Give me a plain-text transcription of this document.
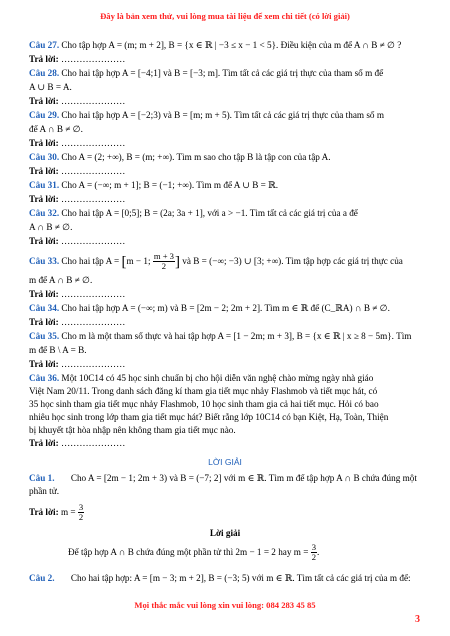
Đây là bản xem thử, vui lòng mua tài liệu để xem chi tiết (có lời giải)
Câu 27. Cho tập hợp A = (m; m + 2], B = {x ∈ ℝ | −3 ≤ x − 1 < 5}. Điều kiện của m để A ∩ B ≠ ∅ ?
Trả lời: …………………
Câu 28. Cho hai tập hợp A = [−4;1] và B = [−3; m]. Tìm tất cả các giá trị thực của tham số m để
A ∪ B = A.
Trả lời: …………………
Câu 29. Cho hai tập hợp A = [−2;3) và B = [m; m + 5). Tìm tất cả các giá trị thực của tham số m
để A ∩ B ≠ ∅.
Trả lời: …………………
Câu 30. Cho A = (2; +∞), B = (m; +∞). Tìm m sao cho tập B là tập con của tập A.
Trả lời: …………………
Câu 31. Cho A = (−∞; m + 1]; B = (−1; +∞). Tìm m để A ∪ B = ℝ.
Trả lời: …………………
Câu 32. Cho hai tập A = [0;5]; B = (2a; 3a + 1], với a > −1. Tìm tất cả các giá trị của a để
A ∩ B ≠ ∅.
Trả lời: …………………
Câu 33. Cho hai tập A = [m − 1; $\frac{m + 3}{2}$ ] và B = (−∞; −3) ∪ [3; +∞). Tìm tập hợp các giá trị thực của
m để A ∩ B ≠ ∅.
Trả lời: …………………
Câu 34. Cho hai tập hợp A = (−∞; m) và B = [2m − 2; 2m + 2]. Tìm m ∈ ℝ để (C_ℝA) ∩ B ≠ ∅.
Trả lời: …………………
Câu 35. Cho m là một tham số thực và hai tập hợp A = [1 − 2m; m + 3], B = {x ∈ ℝ | x ≥ 8 − 5m}. Tìm
m để B \ A = B.
Trả lời: …………………
Câu 36. Một 10C14 có 45 học sinh chuẩn bị cho hội diễn văn nghệ chào mừng ngày nhà giáo
Việt Nam 20/11. Trong danh sách đăng kí tham gia tiết mục nhảy Flashmob và tiết mục hát, có
35 học sinh tham gia tiết mục nhảy Flashmob, 10 học sinh tham gia cả hai tiết mục. Hỏi có bao
nhiêu học sinh trong lớp tham gia tiết mục hát? Biết rằng lớp 10C14 có bạn Kiệt, Hạ, Toàn, Thiện
bị khuyết tật hòa nhập nên không tham gia tiết mục nào.
Trả lời: …………………
LỜI GIẢI
Câu 1. Cho A = [2m − 1; 2m + 3) và B = (−7; 2] với m ∈ ℝ. Tìm m để tập hợp A ∩ B chứa đúng một
phần tử.
Trả lời: $m = \frac{3}{2}$
Lời giải
Để tập hợp A ∩ B chứa đúng một phần tử thì 2m − 1 = 2 hay $m = \frac{3}{2}$ .
Câu 2. Cho hai tập hợp: A = [m − 3; m + 2], B = (−3; 5) với m ∈ ℝ. Tìm tất cả các giá trị của m để:
Mọi thắc mắc vui lòng xin vui lòng: 084 283 45 85
3
